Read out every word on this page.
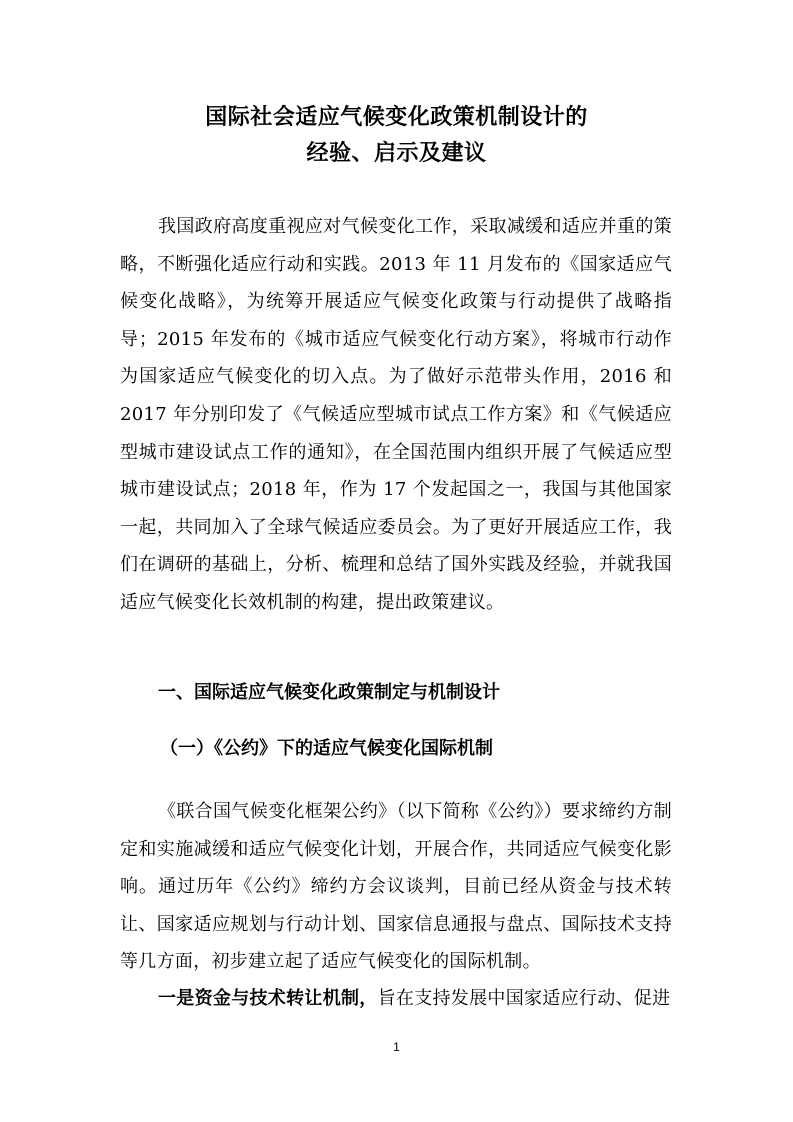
国际社会适应气候变化政策机制设计的
经验、启示及建议

我国政府高度重视应对气候变化工作，采取减缓和适应并重的策略，不断强化适应行动和实践。2013 年 11 月发布的《国家适应气候变化战略》，为统筹开展适应气候变化政策与行动提供了战略指导；2015 年发布的《城市适应气候变化行动方案》，将城市行动作为国家适应气候变化的切入点。为了做好示范带头作用，2016 和 2017 年分别印发了《气候适应型城市试点工作方案》和《气候适应型城市建设试点工作的通知》，在全国范围内组织开展了气候适应型城市建设试点；2018 年，作为 17 个发起国之一，我国与其他国家一起，共同加入了全球气候适应委员会。为了更好开展适应工作，我们在调研的基础上，分析、梳理和总结了国外实践及经验，并就我国适应气候变化长效机制的构建，提出政策建议。

一、国际适应气候变化政策制定与机制设计
（一）《公约》下的适应气候变化国际机制

《联合国气候变化框架公约》（以下简称《公约》）要求缔约方制定和实施减缓和适应气候变化计划，开展合作，共同适应气候变化影响。通过历年《公约》缔约方会议谈判，目前已经从资金与技术转让、国家适应规划与行动计划、国家信息通报与盘点、国际技术支持等几方面，初步建立起了适应气候变化的国际机制。

一是资金与技术转让机制，旨在支持发展中国家适应行动、促进

1
